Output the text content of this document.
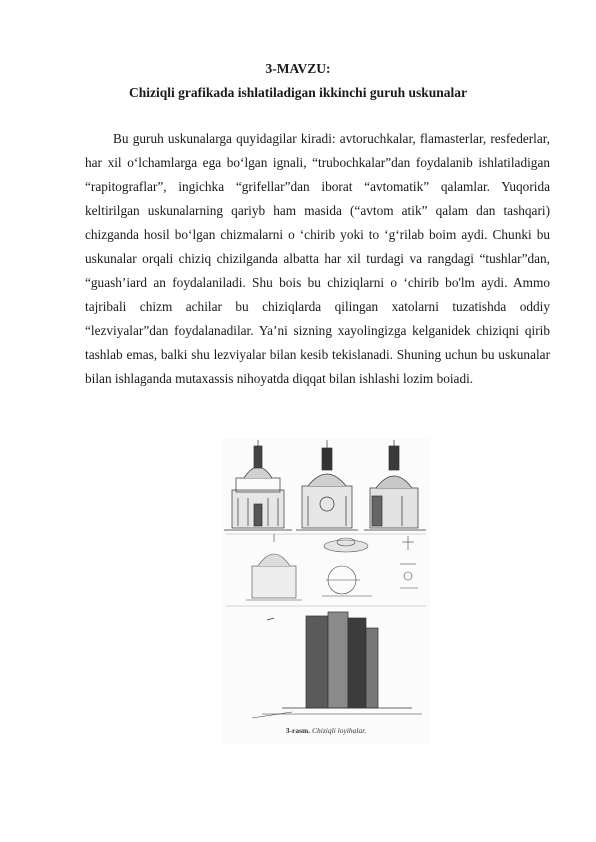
3-MAVZU:
Chiziqli grafikada ishlatiladigan ikkinchi guruh uskunalar
Bu guruh uskunalarga quyidagilar kiradi: avtoruchkalar, flamasterlar, resfederlar, har xil o‘lchamlarga ega bo‘lgan ignali, “trubochkalar”dan foydalanib ishlatiladigan “rapitograflar”, ingichka “grifellar”dan iborat “avtomatik” qalamlar. Yuqorida keltirilgan uskunalarning qariyb ham masida (“avtom atik” qalam dan tashqari) chizganda hosil bo‘lgan chizmalarni o ‘chirib yoki to ‘g‘rilab boim aydi. Chunki bu uskunalar orqali chiziq chizilganda albatta har xil turdagi va rangdagi “tushlar”dan, “guash’iard an foydalaniladi. Shu bois bu chiziqlarni o ‘chirib bo'lm aydi. Ammo tajribali chizm achilar bu chiziqlarda qilingan xatolarni tuzatishda oddiy “lezviyalar”dan foydalanadilar. Ya’ni sizning xayolingizga kelganidek chiziqni qirib tashlab emas, balki shu lezviyalar bilan kesib tekislanadi. Shuning uchun bu uskunalar bilan ishlaganda mutaxassis nihoyatda diqqat bilan ishlashi lozim boiadi.
3-rasm. Chiziqli loyihalar.
